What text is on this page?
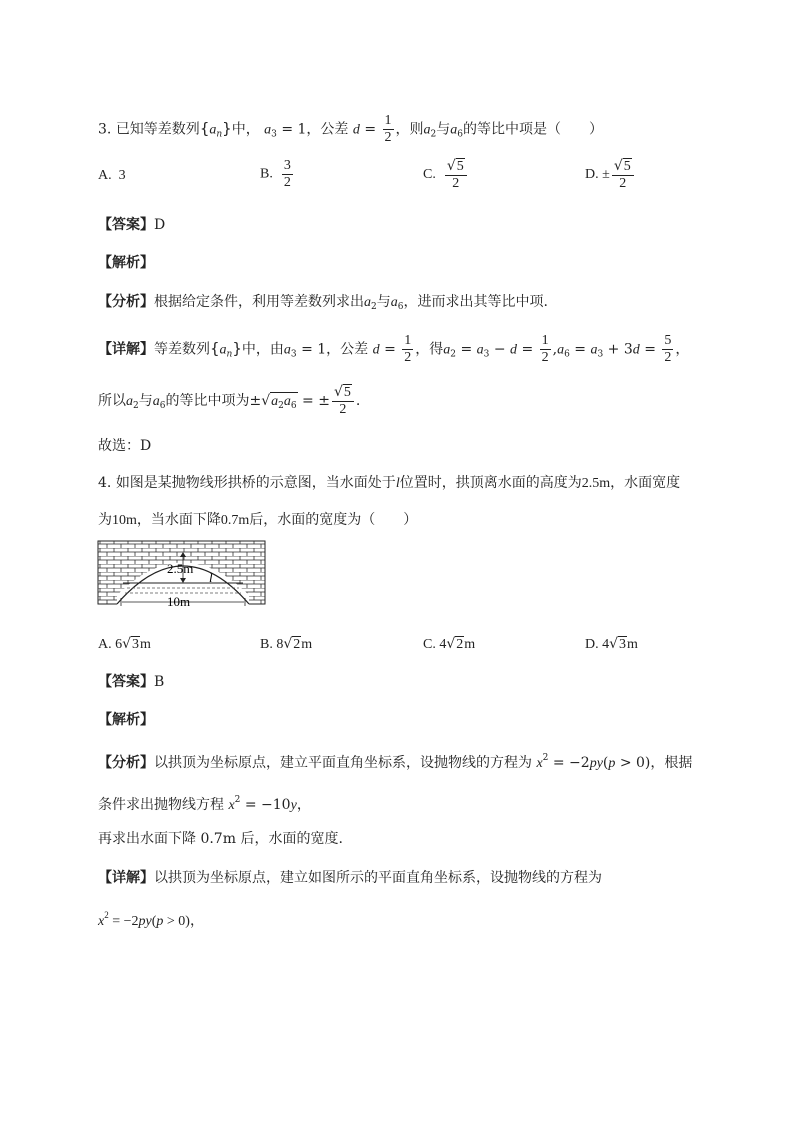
3. 已知等差数列$\{a_n\}$中， $a_3 = 1$，公差 $d = \frac{1}{2}$ ，则$a_2$与$a_6$的等比中项是（　　）
A. 3	B. $\frac{3}{2}$	C. $\frac{√5}{2}$	D. ± $\frac{√5}{2}$
【答案】D
【解析】
【分析】根据给定条件，利用等差数列求出$a_2$与$a_6$，进而求出其等比中项.
【详解】等差数列$\{a_n\}$中，由$a_3 = 1$，公差 $d = \frac{1}{2}$ ，得$a_2 = a_3 - d = \frac{1}{2} ,a_6 = a_3 + 3d = \frac{5}{2}$ ，
所以$a_2$与$a_6$的等比中项为$\pm√a_2a_6$ = ± $\frac{√5}{2}$ .
故选：D
4. 如图是某抛物线形拱桥的示意图，当水面处于l位置时，拱顶离水面的高度为2.5m，水面宽度
为10m，当水面下降0.7m后，水面的宽度为（　　）
2.5m
l
10m
A. 6√3m	B. 8√2m	C. 4√2m	D. 4√3m
【答案】B
【解析】
【分析】以拱顶为坐标原点，建立平面直角坐标系，设抛物线的方程为 $x^2 = -2py(p > 0)$，根据
条件求出抛物线方程 $x^2 = -10y$，
再求出水面下降 0.7m 后，水面的宽度.
【详解】以拱顶为坐标原点，建立如图所示的平面直角坐标系，设抛物线的方程为
$x^2 = -2py(p > 0)$，
